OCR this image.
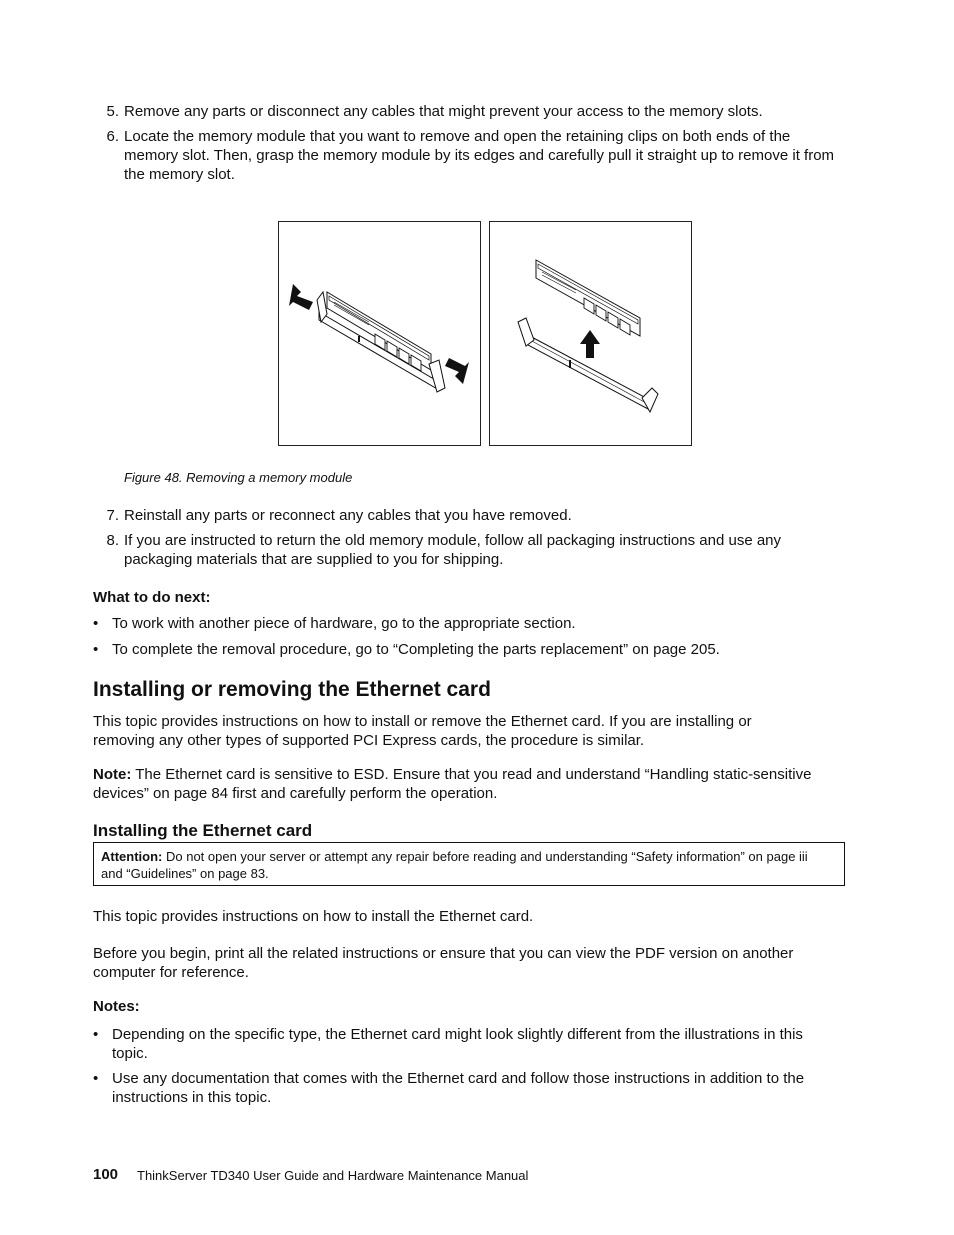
5. Remove any parts or disconnect any cables that might prevent your access to the memory slots.
6. Locate the memory module that you want to remove and open the retaining clips on both ends of the memory slot. Then, grasp the memory module by its edges and carefully pull it straight up to remove it from the memory slot.
Figure 48. Removing a memory module
7. Reinstall any parts or reconnect any cables that you have removed.
8. If you are instructed to return the old memory module, follow all packaging instructions and use any packaging materials that are supplied to you for shipping.
What to do next:
• To work with another piece of hardware, go to the appropriate section.
• To complete the removal procedure, go to “Completing the parts replacement” on page 205.
Installing or removing the Ethernet card
This topic provides instructions on how to install or remove the Ethernet card. If you are installing or removing any other types of supported PCI Express cards, the procedure is similar.
Note: The Ethernet card is sensitive to ESD. Ensure that you read and understand “Handling static-sensitive devices” on page 84 first and carefully perform the operation.
Installing the Ethernet card
Attention: Do not open your server or attempt any repair before reading and understanding “Safety information” on page iii and “Guidelines” on page 83.
This topic provides instructions on how to install the Ethernet card.
Before you begin, print all the related instructions or ensure that you can view the PDF version on another computer for reference.
Notes:
• Depending on the specific type, the Ethernet card might look slightly different from the illustrations in this topic.
• Use any documentation that comes with the Ethernet card and follow those instructions in addition to the instructions in this topic.
100 ThinkServer TD340 User Guide and Hardware Maintenance Manual
